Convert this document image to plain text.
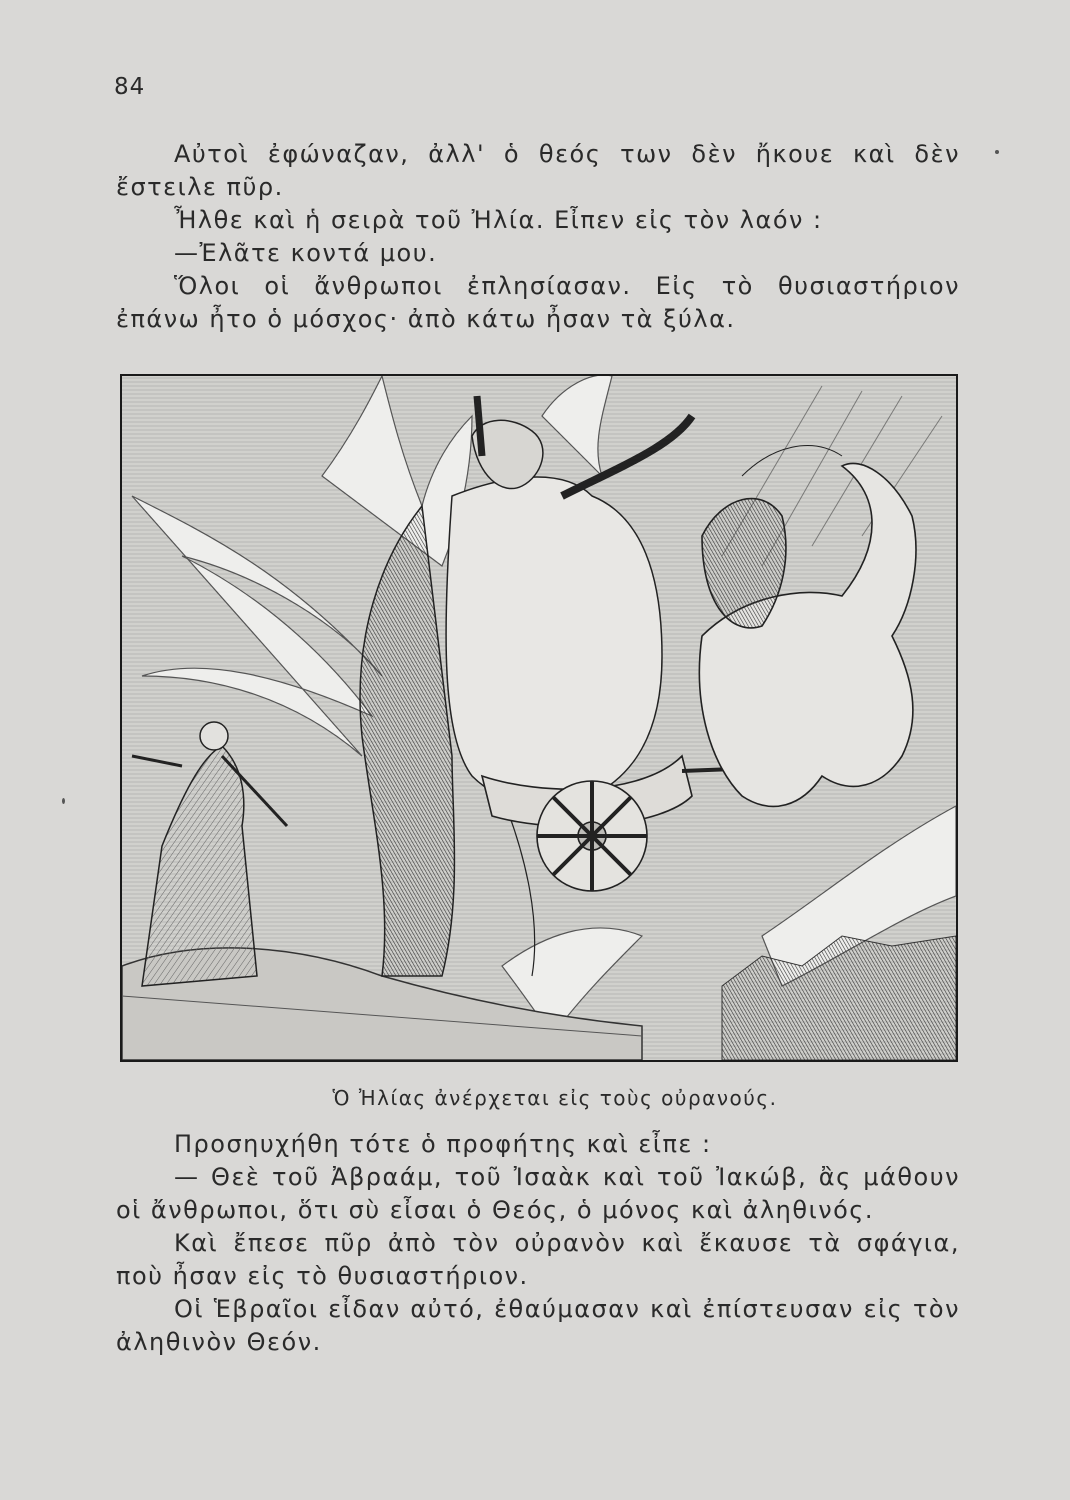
84

Αὐτοὶ ἐφώναζαν, ἀλλ' ὁ θεός των δὲν ἤκουε καὶ δὲν ἔστειλε πῦρ.

Ἦλθε καὶ ἡ σειρὰ τοῦ Ἠλία. Εἶπεν εἰς τὸν λαόν :

—Ἐλᾶτε κοντά μου.

Ὅλοι οἱ ἄνθρωποι ἐπλησίασαν. Εἰς τὸ θυσιαστήριον ἐπάνω ἦτο ὁ μόσχος· ἀπὸ κάτω ἦσαν τὰ ξύλα.

Ὁ Ἠλίας ἀνέρχεται εἰς τοὺς οὐρανούς.

Προσηυχήθη τότε ὁ προφήτης καὶ εἶπε :

— Θεὲ τοῦ Ἀβραάμ, τοῦ Ἰσαὰκ καὶ τοῦ Ἰακώβ, ἂς μάθουν οἱ ἄνθρωποι, ὅτι σὺ εἶσαι ὁ Θεός, ὁ μόνος καὶ ἀληθινός.

Καὶ ἔπεσε πῦρ ἀπὸ τὸν οὐρανὸν καὶ ἔκαυσε τὰ σφάγια, ποὺ ἦσαν εἰς τὸ θυσιαστήριον.

Οἱ Ἑβραῖοι εἶδαν αὐτό, ἐθαύμασαν καὶ ἐπίστευσαν εἰς τὸν ἀληθινὸν Θεόν.
